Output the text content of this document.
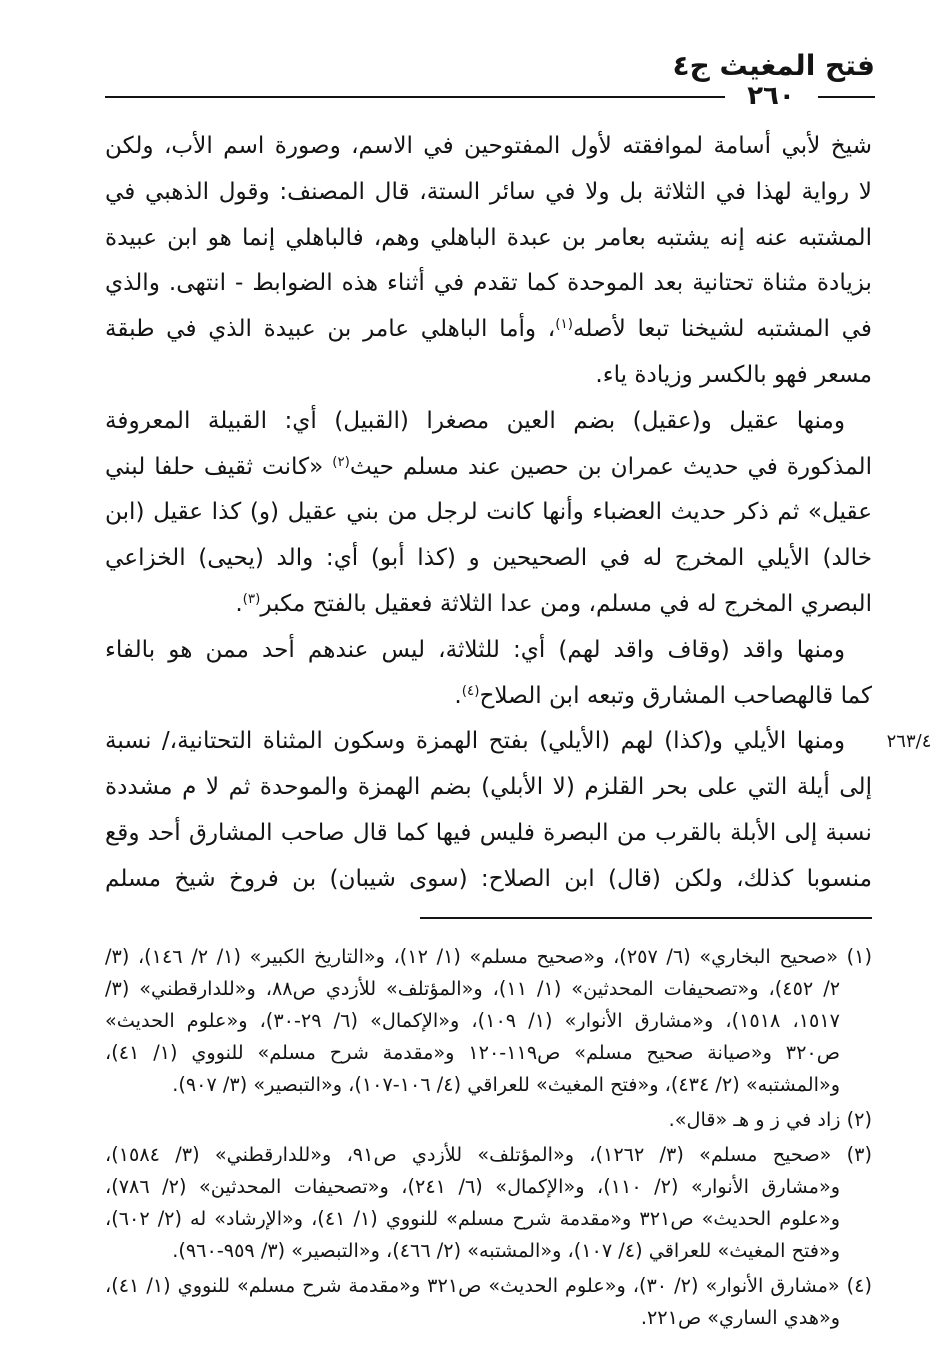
فتح المغيث ج٤
٢٦٠
٢٦٣/٤
شيخ لأبي أسامة لموافقته لأول المفتوحين في الاسم، وصورة اسم الأب، ولكن
لا رواية لهذا في الثلاثة بل ولا في سائر الستة، قال المصنف: وقول الذهبي في
المشتبه عنه إنه يشتبه بعامر بن عبدة الباهلي وهم، فالباهلي إنما هو ابن عبيدة
بزيادة مثناة تحتانية بعد الموحدة كما تقدم في أثناء هذه الضوابط - انتهى. والذي
في المشتبه لشيخنا تبعا لأصله$^{(١)}$، وأما الباهلي عامر بن عبيدة الذي في طبقة
مسعر فهو بالكسر وزيادة ياء.
ومنها عقيل و(عقيل) بضم العين مصغرا (القبيل) أي: القبيلة المعروفة
المذكورة في حديث عمران بن حصين عند مسلم حيث$^{(٢)}$ «كانت ثقيف حلفا لبني
عقيل» ثم ذكر حديث العضباء وأنها كانت لرجل من بني عقيل (و) كذا عقيل (ابن
خالد) الأيلي المخرج له في الصحيحين و (كذا أبو) أي: والد (يحيى) الخزاعي
البصري المخرج له في مسلم، ومن عدا الثلاثة فعقيل بالفتح مكبر$^{(٣)}$.
ومنها واقد (وقاف واقد لهم) أي: للثلاثة، ليس عندهم أحد ممن هو بالفاء
كما قالهصاحب المشارق وتبعه ابن الصلاح$^{(٤)}$.
ومنها الأيلي و(كذا) لهم (الأيلي) بفتح الهمزة وسكون المثناة التحتانية،/ نسبة
إلى أيلة التي على بحر القلزم (لا الأبلي) بضم الهمزة والموحدة ثم لا م مشددة
نسبة إلى الأبلة بالقرب من البصرة فليس فيها كما قال صاحب المشارق أحد وقع
منسوبا كذلك، ولكن (قال) ابن الصلاح: (سوى شيبان) بن فروخ شيخ مسلم
(١) «صحيح البخاري» (٦/ ٢٥٧)، و«صحيح مسلم» (١/ ١٢)، و«التاريخ الكبير» (١/ ٢/ ١٤٦)، (٣/
٢/ ٤٥٢)، و«تصحيفات المحدثين» (١/ ١١)، و«المؤتلف» للأزدي ص٨٨، و«للدارقطني» (٣/
١٥١٧، ١٥١٨)، و«مشارق الأنوار» (١/ ١٠٩)، و«الإكمال» (٦/ ٢٩-٣٠)، و«علوم الحديث»
ص٣٢٠ و«صيانة صحيح مسلم» ص١١٩-١٢٠ و«مقدمة شرح مسلم» للنووي (١/ ٤١)،
و«المشتبه» (٢/ ٤٣٤)، و«فتح المغيث» للعراقي (٤/ ١٠٦-١٠٧)، و«التبصير» (٣/ ٩٠٧).
(٢) زاد في ز و هـ «قال».
(٣) «صحيح مسلم» (٣/ ١٢٦٢)، و«المؤتلف» للأزدي ص٩١، و«للدارقطني» (٣/ ١٥٨٤)،
و«مشارق الأنوار» (٢/ ١١٠)، و«الإكمال» (٦/ ٢٤١)، و«تصحيفات المحدثين» (٢/ ٧٨٦)،
و«علوم الحديث» ص٣٢١ و«مقدمة شرح مسلم» للنووي (١/ ٤١)، و«الإرشاد» له (٢/ ٦٠٢)،
و«فتح المغيث» للعراقي (٤/ ١٠٧)، و«المشتبه» (٢/ ٤٦٦)، و«التبصير» (٣/ ٩٥٩-٩٦٠).
(٤) «مشارق الأنوار» (٢/ ٣٠)، و«علوم الحديث» ص٣٢١ و«مقدمة شرح مسلم» للنووي (١/ ٤١)،
و«هدي الساري» ص٢٢١.
